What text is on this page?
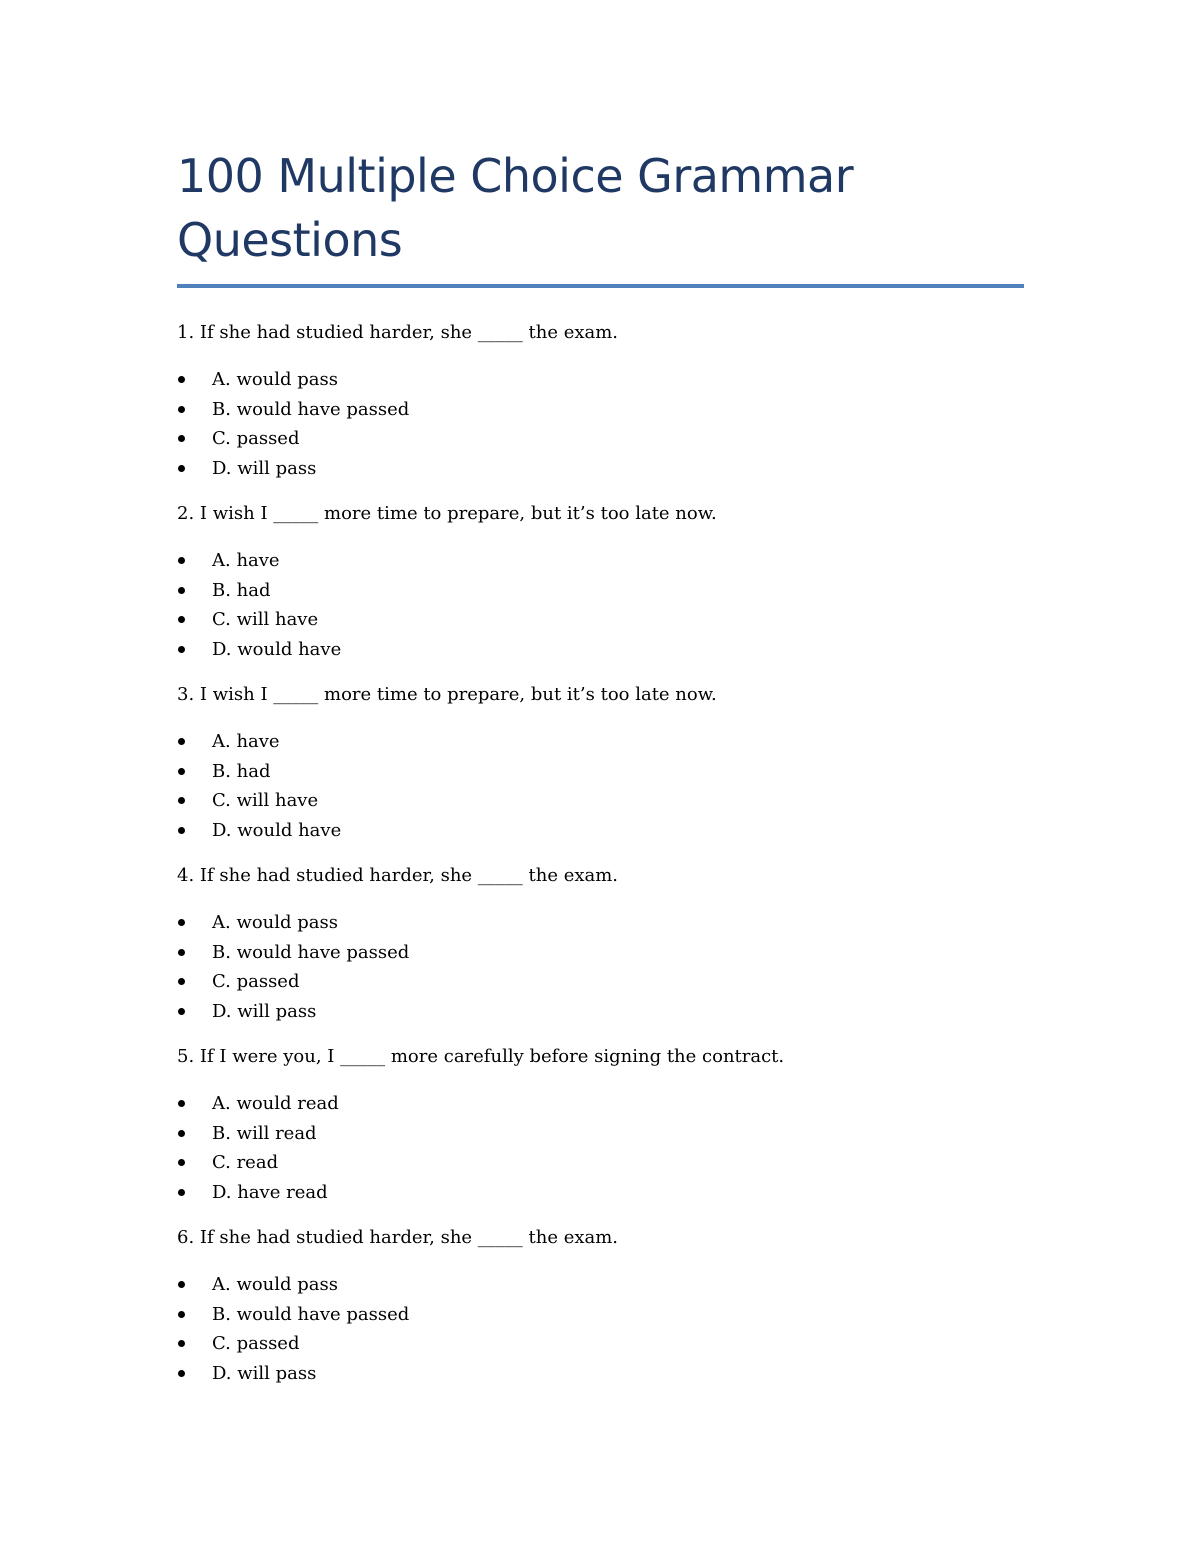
100 Multiple Choice Grammar Questions

1. If she had studied harder, she _____ the exam.

A. would pass
B. would have passed
C. passed
D. will pass

2. I wish I _____ more time to prepare, but it’s too late now.

A. have
B. had
C. will have
D. would have

3. I wish I _____ more time to prepare, but it’s too late now.

A. have
B. had
C. will have
D. would have

4. If she had studied harder, she _____ the exam.

A. would pass
B. would have passed
C. passed
D. will pass

5. If I were you, I _____ more carefully before signing the contract.

A. would read
B. will read
C. read
D. have read

6. If she had studied harder, she _____ the exam.

A. would pass
B. would have passed
C. passed
D. will pass
